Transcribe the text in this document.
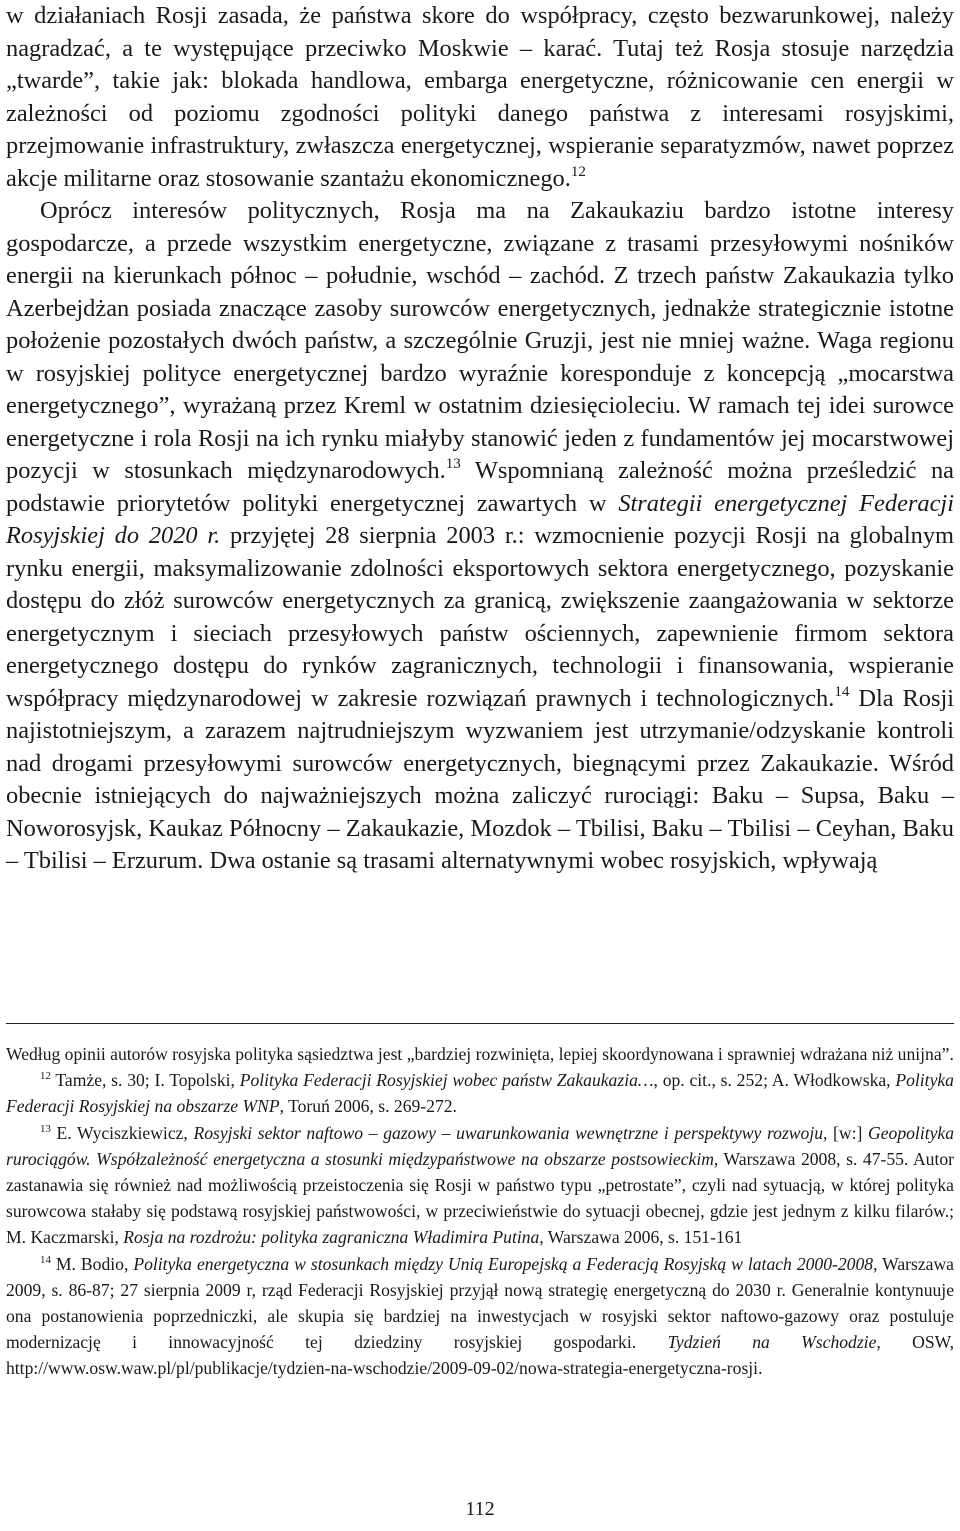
w działaniach Rosji zasada, że państwa skore do współpracy, często bezwarunkowej, należy nagradzać, a te występujące przeciwko Moskwie – karać. Tutaj też Rosja stosuje narzędzia „twarde”, takie jak: blokada handlowa, embarga energetyczne, różnicowanie cen energii w zależności od poziomu zgodności polityki danego państwa z interesami rosyjskimi, przejmowanie infrastruktury, zwłaszcza energetycznej, wspieranie separatyzmów, nawet poprzez akcje militarne oraz stosowanie szantażu ekonomicznego.$^{12}$

Oprócz interesów politycznych, Rosja ma na Zakaukaziu bardzo istotne interesy gospodarcze, a przede wszystkim energetyczne, związane z trasami przesyłowymi nośników energii na kierunkach północ – południe, wschód – zachód. Z trzech państw Zakaukazia tylko Azerbejdżan posiada znaczące zasoby surowców energetycznych, jednakże strategicznie istotne położenie pozostałych dwóch państw, a szczególnie Gruzji, jest nie mniej ważne. Waga regionu w rosyjskiej polityce energetycznej bardzo wyraźnie koresponduje z koncepcją „mocarstwa energetycznego”, wyrażaną przez Kreml w ostatnim dziesięcioleciu. W ramach tej idei surowce energetyczne i rola Rosji na ich rynku miałyby stanowić jeden z fundamentów jej mocarstwowej pozycji w stosunkach międzynarodowych.$^{13}$ Wspomnianą zależność można prześledzić na podstawie priorytetów polityki energetycznej zawartych w Strategii energetycznej Federacji Rosyjskiej do 2020 r. przyjętej 28 sierpnia 2003 r.: wzmocnienie pozycji Rosji na globalnym rynku energii, maksymalizowanie zdolności eksportowych sektora energetycznego, pozyskanie dostępu do złóż surowców energetycznych za granicą, zwiększenie zaangażowania w sektorze energetycznym i sieciach przesyłowych państw ościennych, zapewnienie firmom sektora energetycznego dostępu do rynków zagranicznych, technologii i finansowania, wspieranie współpracy międzynarodowej w zakresie rozwiązań prawnych i technologicznych.$^{14}$ Dla Rosji najistotniejszym, a zarazem najtrudniejszym wyzwaniem jest utrzymanie/odzyskanie kontroli nad drogami przesyłowymi surowców energetycznych, biegnącymi przez Zakaukazie. Wśród obecnie istniejących do najważniejszych można zaliczyć rurociągi: Baku – Supsa, Baku – Noworosyjsk, Kaukaz Północny – Zakaukazie, Mozdok – Tbilisi, Baku – Tbilisi – Ceyhan, Baku – Tbilisi – Erzurum. Dwa ostanie są trasami alternatywnymi wobec rosyjskich, wpływają

Według opinii autorów rosyjska polityka sąsiedztwa jest „bardziej rozwinięta, lepiej skoordynowana i sprawniej wdrażana niż unijna”.

$^{12}$ Tamże, s. 30; I. Topolski, Polityka Federacji Rosyjskiej wobec państw Zakaukazia…, op. cit., s. 252; A. Włodkowska, Polityka Federacji Rosyjskiej na obszarze WNP, Toruń 2006, s. 269-272.

$^{13}$ E. Wyciszkiewicz, Rosyjski sektor naftowo – gazowy – uwarunkowania wewnętrzne i perspektywy rozwoju, [w:] Geopolityka rurociągów. Współzależność energetyczna a stosunki międzypaństwowe na obszarze postsowieckim, Warszawa 2008, s. 47-55. Autor zastanawia się również nad możliwością przeistoczenia się Rosji w państwo typu „petrostate”, czyli nad sytuacją, w której polityka surowcowa stałaby się podstawą rosyjskiej państwowości, w przeciwieństwie do sytuacji obecnej, gdzie jest jednym z kilku filarów.; M. Kaczmarski, Rosja na rozdrożu: polityka zagraniczna Władimira Putina, Warszawa 2006, s. 151-161

$^{14}$ M. Bodio, Polityka energetyczna w stosunkach między Unią Europejską a Federacją Rosyjską w latach 2000-2008, Warszawa 2009, s. 86-87; 27 sierpnia 2009 r, rząd Federacji Rosyjskiej przyjął nową strategię energetyczną do 2030 r. Generalnie kontynuuje ona postanowienia poprzedniczki, ale skupia się bardziej na inwestycjach w rosyjski sektor naftowo-gazowy oraz postuluje modernizację i innowacyjność tej dziedziny rosyjskiej gospodarki. Tydzień na Wschodzie, OSW, http://www.osw.waw.pl/pl/publikacje/tydzien-na-wschodzie/2009-09-02/nowa-strategia-energetyczna-rosji.

112
